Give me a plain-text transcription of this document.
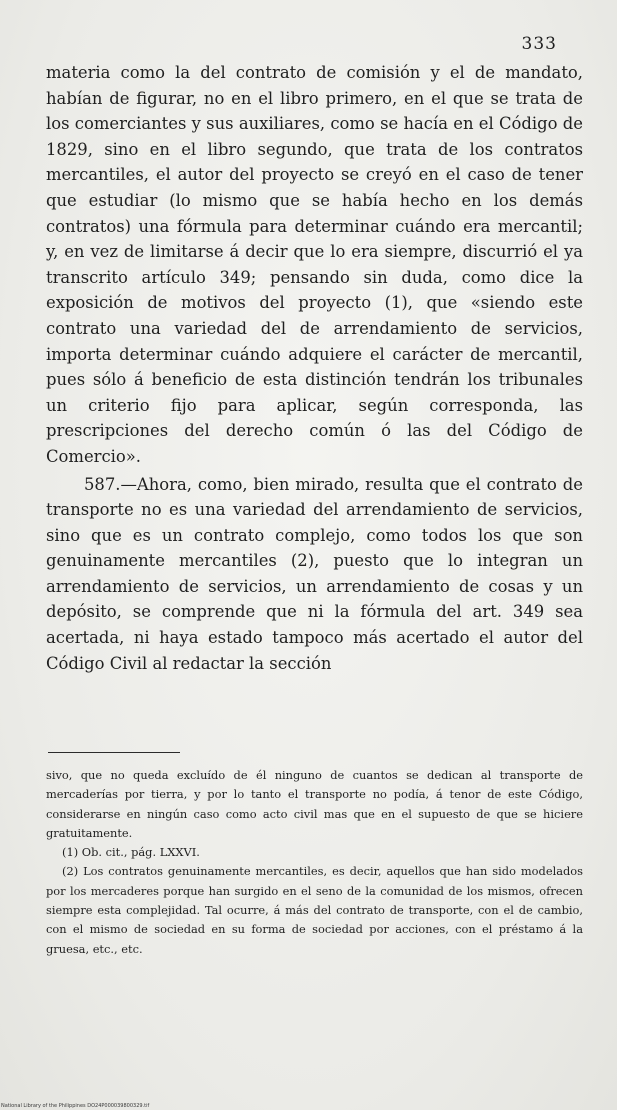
333

materia como la del contrato de comisión y el de mandato, habían de figurar, no en el libro primero, en el que se trata de los comerciantes y sus auxiliares, como se hacía en el Código de 1829, sino en el libro segundo, que trata de los contratos mercantiles, el autor del proyecto se creyó en el caso de tener que estudiar (lo mismo que se había hecho en los demás contratos) una fórmula para determinar cuándo era mercantil; y, en vez de limitarse á decir que lo era siempre, discurrió el ya transcrito artículo 349; pensando sin duda, como dice la exposición de motivos del proyecto (1), que «siendo este contrato una variedad del de arrendamiento de servicios, importa determinar cuándo adquiere el carácter de mercantil, pues sólo á beneficio de esta distinción tendrán los tribunales un criterio fijo para aplicar, según corresponda, las prescripciones del derecho común ó las del Código de Comercio».

587.—Ahora, como, bien mirado, resulta que el contrato de transporte no es una variedad del arrendamiento de servicios, sino que es un contrato complejo, como todos los que son genuinamente mercantiles (2), puesto que lo integran un arrendamiento de servicios, un arrendamiento de cosas y un depósito, se comprende que ni la fórmula del art. 349 sea acertada, ni haya estado tampoco más acertado el autor del Código Civil al redactar la sección

sivo, que no queda excluído de él ninguno de cuantos se dedican al transporte de mercaderías por tierra, y por lo tanto el transporte no podía, á tenor de este Código, considerarse en ningún caso como acto civil mas que en el supuesto de que se hiciere gratuitamente.

(1) Ob. cit., pág. LXXVI.

(2) Los contratos genuinamente mercantiles, es decir, aquellos que han sido modelados por los mercaderes porque han surgido en el seno de la comunidad de los mismos, ofrecen siempre esta complejidad. Tal ocurre, á más del contrato de transporte, con el de cambio, con el mismo de sociedad en su forma de sociedad por acciones, con el préstamo á la gruesa, etc., etc.

National Library of the Philippines DO24P000039800329.tif
